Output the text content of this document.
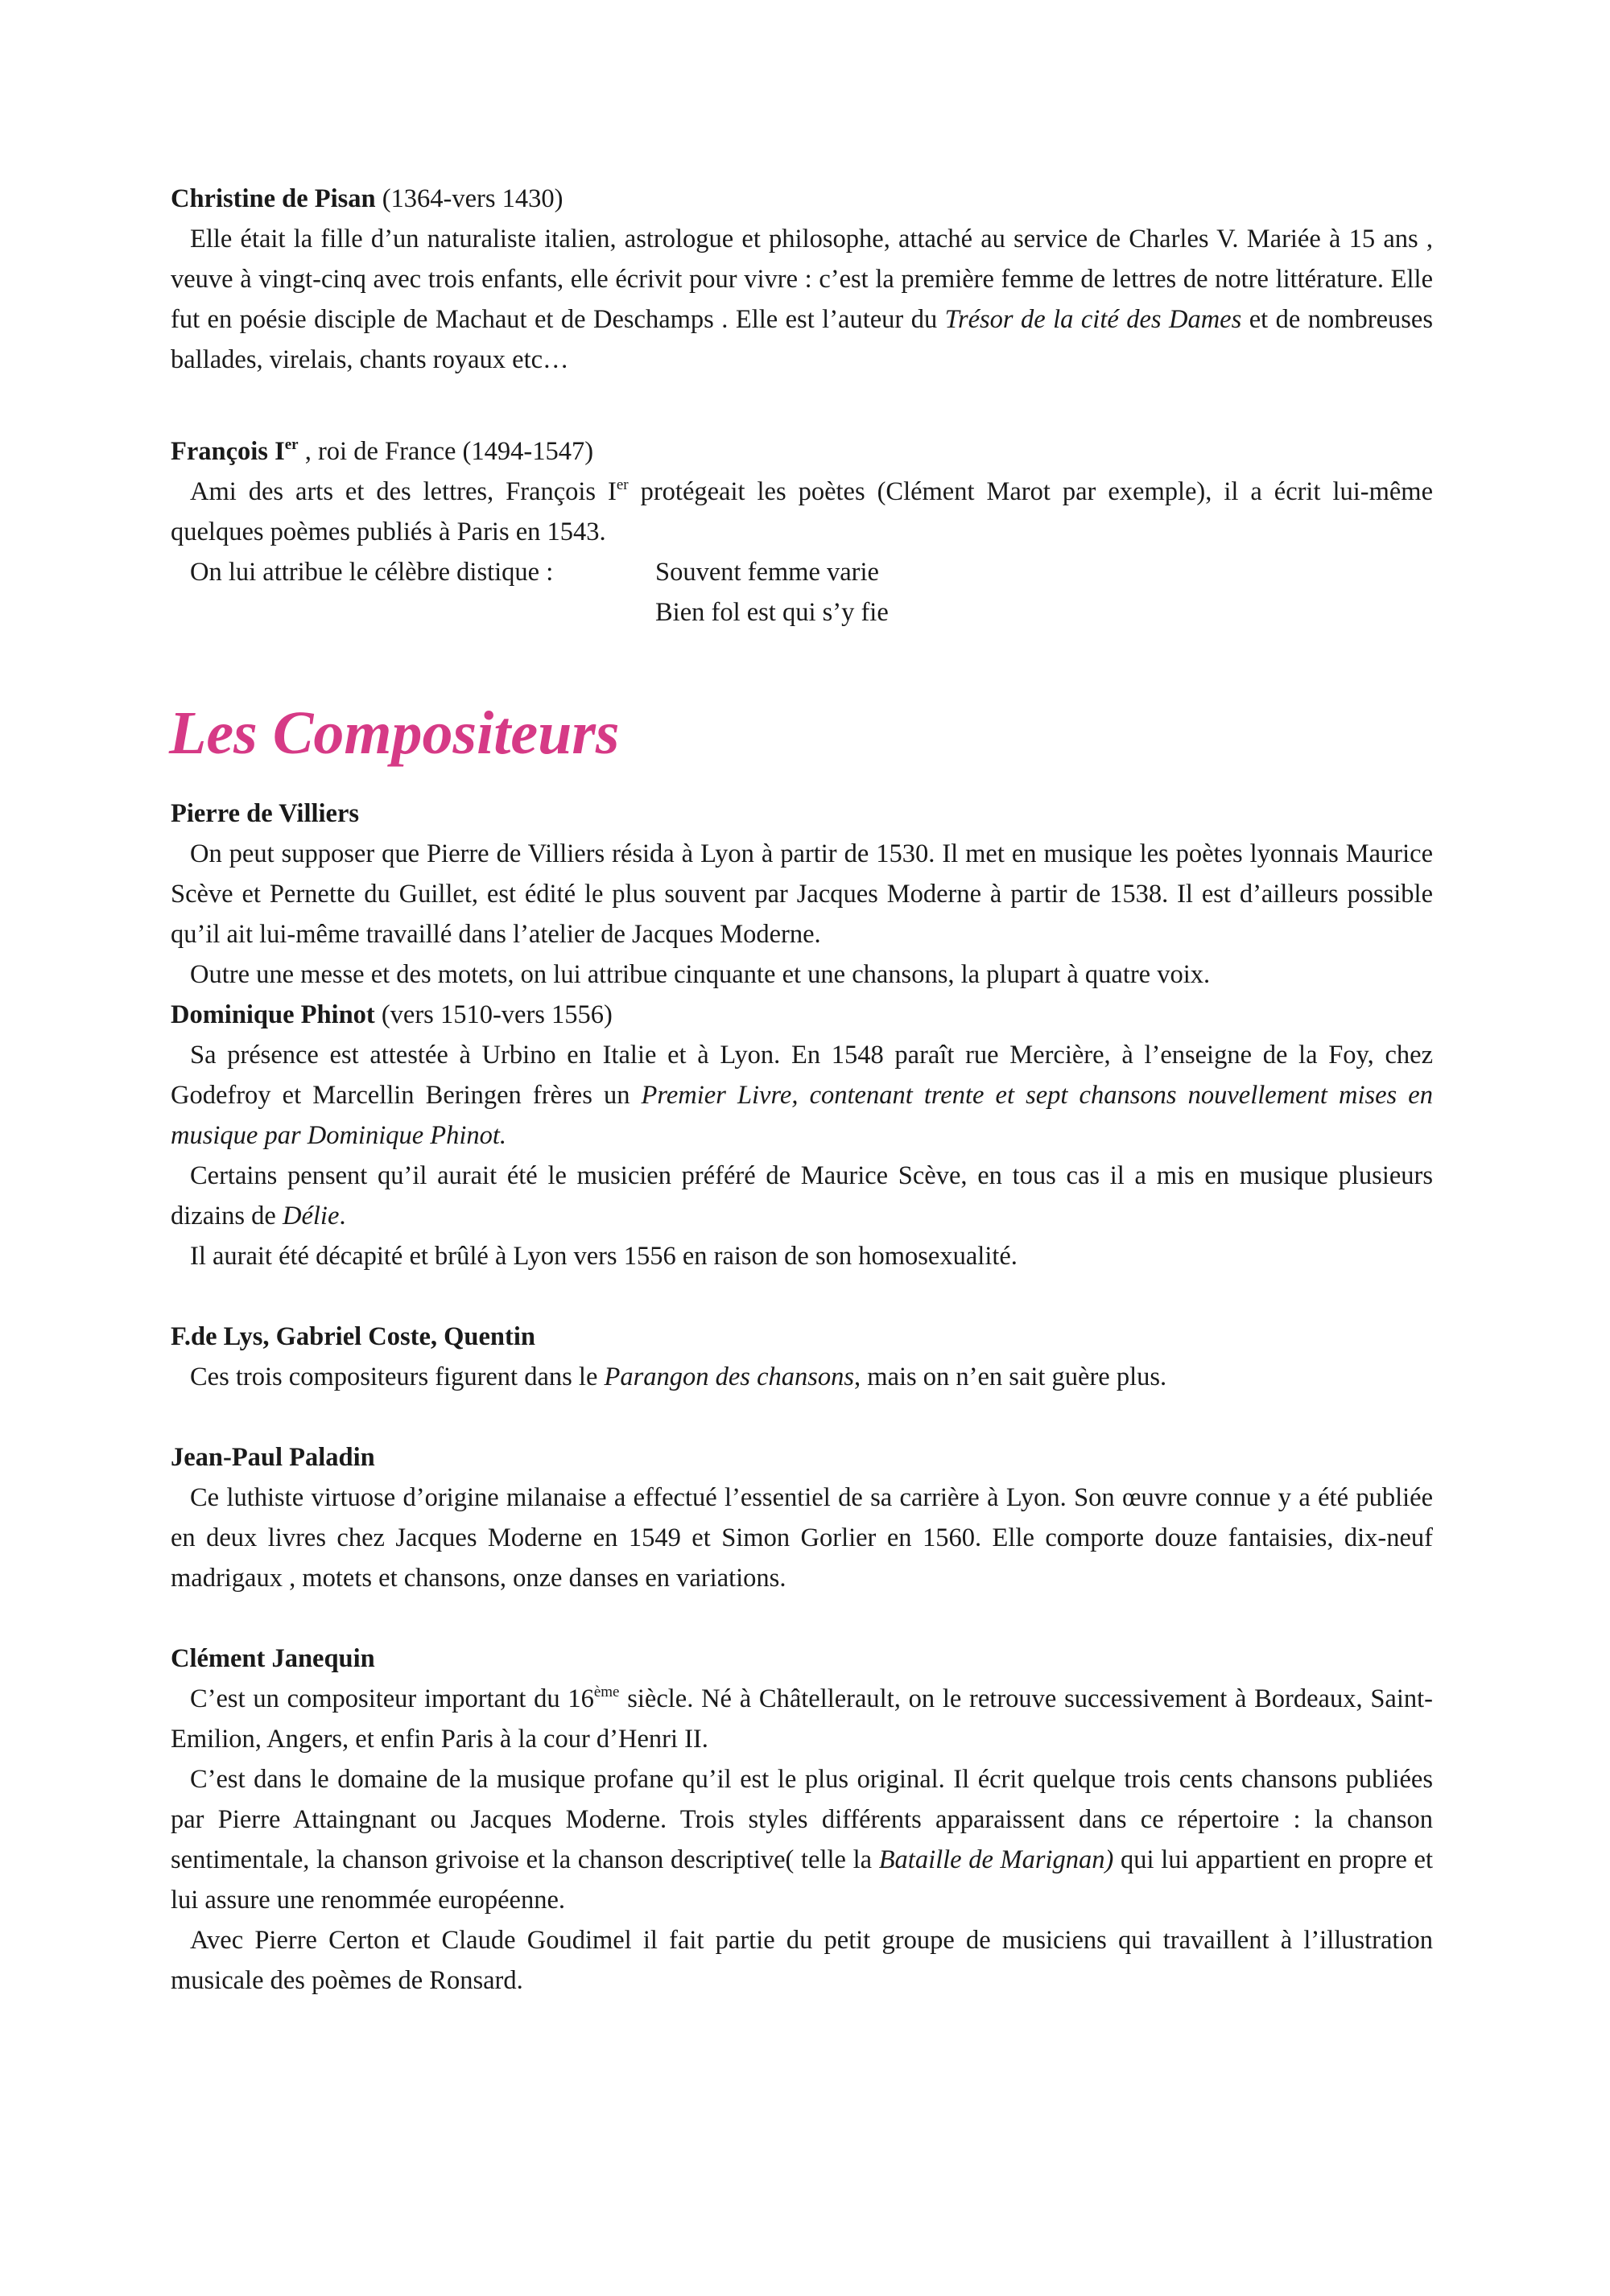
Christine de Pisan (1364-vers 1430)

Elle était la fille d’un naturaliste italien, astrologue et philosophe, attaché au service de Charles V. Mariée à 15 ans , veuve à vingt-cinq avec trois enfants, elle écrivit pour vivre : c’est la première femme de lettres de notre littérature. Elle fut en poésie disciple de Machaut et de Deschamps . Elle est l’auteur du Trésor de la cité des Dames et de nombreuses ballades, virelais, chants royaux etc…

François Ier , roi de France (1494-1547)

Ami des arts et des lettres, François Ier protégeait les poètes (Clément Marot par exemple), il a écrit lui-même quelques poèmes publiés à Paris en 1543.

On lui attribue le célèbre distique :	Souvent femme varie
Bien fol est qui s’y fie
Les Compositeurs
Pierre de Villiers

On peut supposer que Pierre de Villiers résida à Lyon à partir de 1530. Il met en musique les poètes lyonnais Maurice Scève et Pernette du Guillet, est édité le plus souvent par Jacques Moderne à partir de 1538. Il est d’ailleurs possible qu’il ait lui-même travaillé dans l’atelier de Jacques Moderne.

Outre une messe et des motets, on lui attribue cinquante et une chansons, la plupart à quatre voix.

Dominique Phinot (vers 1510-vers 1556)

Sa présence est attestée à Urbino en Italie et à Lyon. En 1548 paraît rue Mercière, à l’enseigne de la Foy, chez Godefroy et Marcellin Beringen frères un Premier Livre, contenant trente et sept chansons nouvellement mises en musique par Dominique Phinot.

Certains pensent qu’il aurait été le musicien préféré de Maurice Scève, en tous cas il a mis en musique plusieurs dizains de Délie.

Il aurait été décapité et brûlé à Lyon vers 1556 en raison de son homosexualité.

F.de Lys, Gabriel Coste, Quentin

Ces trois compositeurs figurent dans le Parangon des chansons, mais on n’en sait guère plus.

Jean-Paul Paladin

Ce luthiste virtuose d’origine milanaise a effectué l’essentiel de sa carrière à Lyon. Son œuvre connue y a été publiée en deux livres chez Jacques Moderne en 1549 et Simon Gorlier en 1560. Elle comporte douze fantaisies, dix-neuf madrigaux , motets et chansons, onze danses en variations.

Clément Janequin

C’est un compositeur important du 16ème siècle. Né à Châtellerault, on le retrouve successivement à Bordeaux, Saint-Emilion, Angers, et enfin Paris à la cour d’Henri II.

C’est dans le domaine de la musique profane qu’il est le plus original. Il écrit quelque trois cents chansons publiées par Pierre Attaingnant ou Jacques Moderne. Trois styles différents apparaissent dans ce répertoire : la chanson sentimentale, la chanson grivoise et la chanson descriptive( telle la Bataille de Marignan) qui lui appartient en propre et lui assure une renommée européenne.

Avec Pierre Certon et Claude Goudimel il fait partie du petit groupe de musiciens qui travaillent à l’illustration musicale des poèmes de Ronsard.
